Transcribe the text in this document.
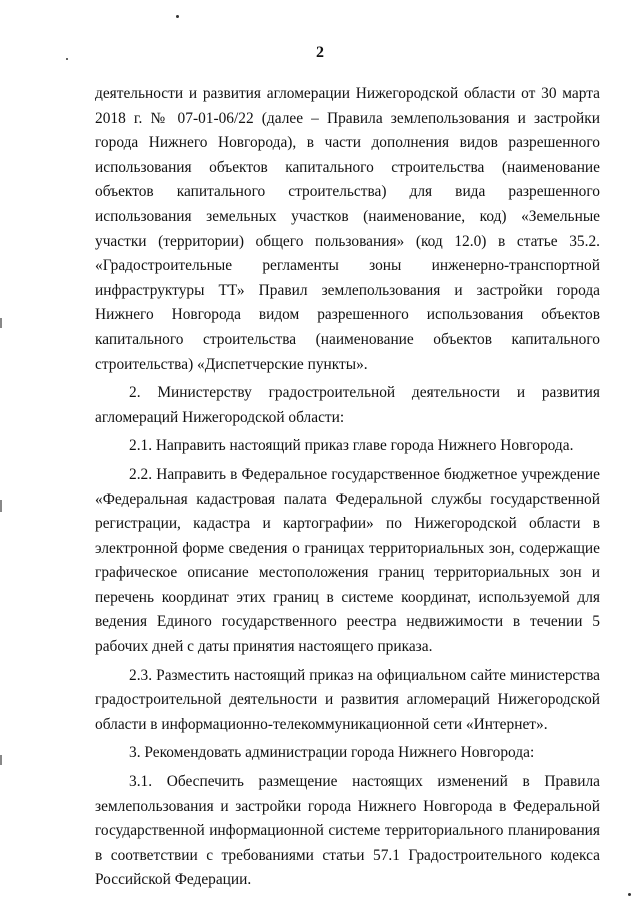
2

деятельности и развития агломерации Нижегородской области от 30 марта 2018 г. № 07-01-06/22 (далее – Правила землепользования и застройки города Нижнего Новгорода), в части дополнения видов разрешенного использования объектов капитального строительства (наименование объектов капитального строительства) для вида разрешенного использования земельных участков (наименование, код) «Земельные участки (территории) общего пользования» (код 12.0) в статье 35.2. «Градостроительные регламенты зоны инженерно-транспортной инфраструктуры ТТ» Правил землепользования и застройки города Нижнего Новгорода видом разрешенного использования объектов капитального строительства (наименование объектов капитального строительства) «Диспетчерские пункты».

2. Министерству градостроительной деятельности и развития агломераций Нижегородской области:

2.1. Направить настоящий приказ главе города Нижнего Новгорода.

2.2. Направить в Федеральное государственное бюджетное учреждение «Федеральная кадастровая палата Федеральной службы государственной регистрации, кадастра и картографии» по Нижегородской области в электронной форме сведения о границах территориальных зон, содержащие графическое описание местоположения границ территориальных зон и перечень координат этих границ в системе координат, используемой для ведения Единого государственного реестра недвижимости в течении 5 рабочих дней с даты принятия настоящего приказа.

2.3. Разместить настоящий приказ на официальном сайте министерства градостроительной деятельности и развития агломераций Нижегородской области в информационно-телекоммуникационной сети «Интернет».

3. Рекомендовать администрации города Нижнего Новгорода:

3.1. Обеспечить размещение настоящих изменений в Правила землепользования и застройки города Нижнего Новгорода в Федеральной государственной информационной системе территориального планирования в соответствии с требованиями статьи 57.1 Градостроительного кодекса Российской Федерации.
